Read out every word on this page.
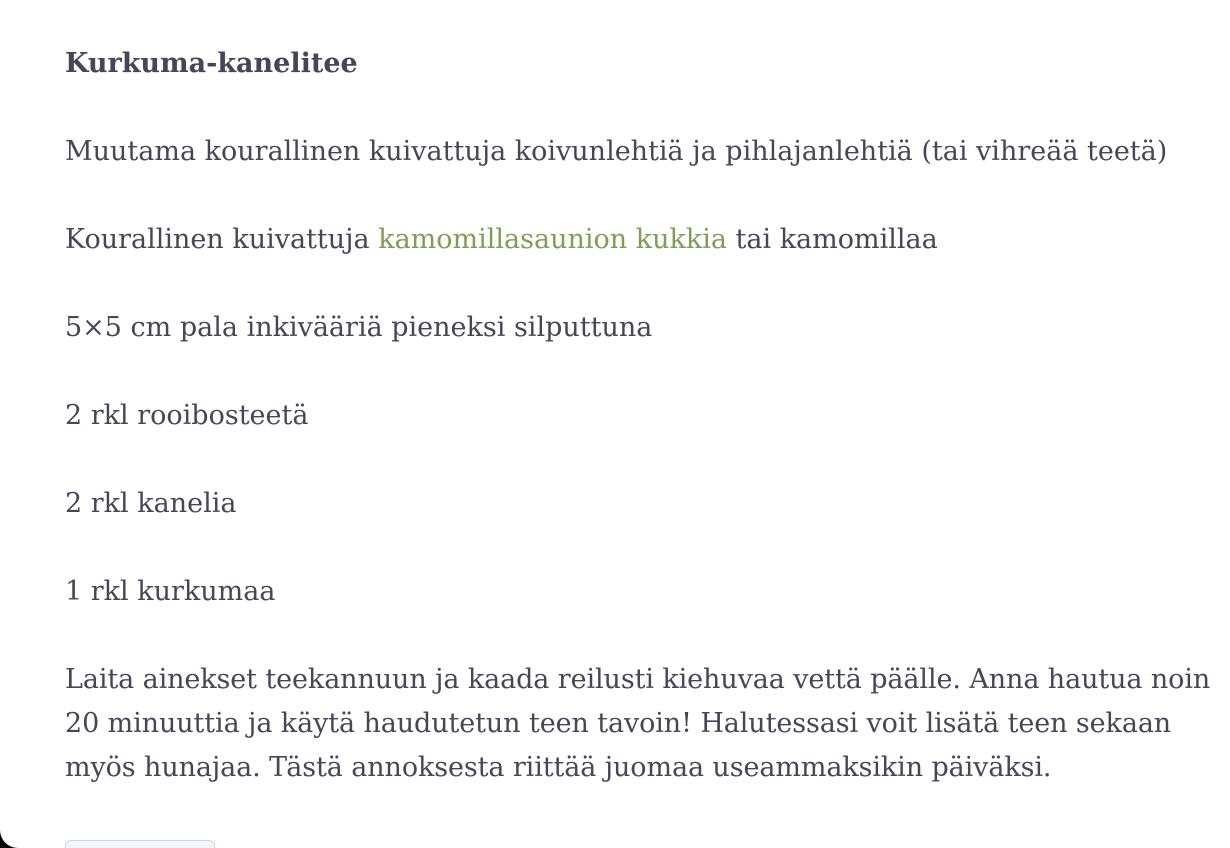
Kurkuma-kanelitee
Muutama kourallinen kuivattuja koivunlehtiä ja pihlajanlehtiä (tai vihreää teetä)
Kourallinen kuivattuja kamomillasaunion kukkia tai kamomillaa
5×5 cm pala inkivääriä pieneksi silputtuna
2 rkl rooibosteetä
2 rkl kanelia
1 rkl kurkumaa
Laita ainekset teekannuun ja kaada reilusti kiehuvaa vettä päälle. Anna hautua noin 20 minuuttia ja käytä haudutetun teen tavoin! Halutessasi voit lisätä teen sekaan myös hunajaa. Tästä annoksesta riittää juomaa useammaksikin päiväksi.
